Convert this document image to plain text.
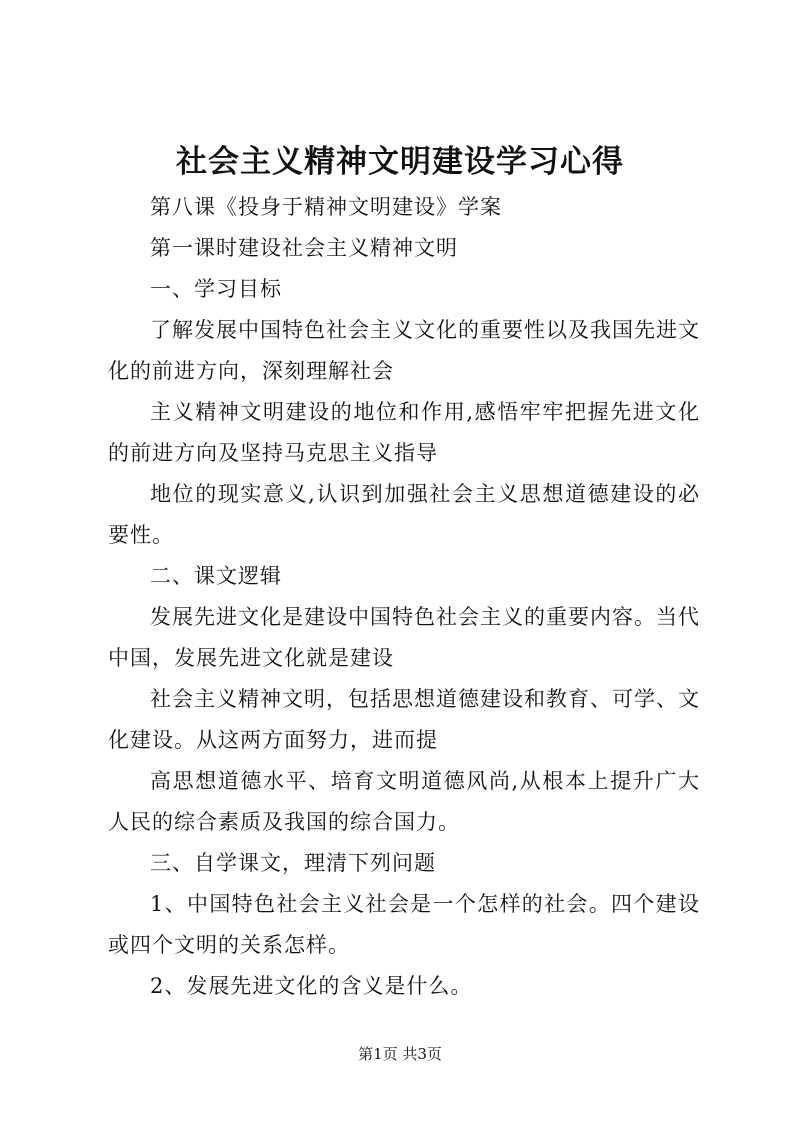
社会主义精神文明建设学习心得

第八课《投身于精神文明建设》学案

第一课时建设社会主义精神文明

一、学习目标

了解发展中国特色社会主义文化的重要性以及我国先进文化的前进方向，深刻理解社会

主义精神文明建设的地位和作用,感悟牢牢把握先进文化的前进方向及坚持马克思主义指导

地位的现实意义,认识到加强社会主义思想道德建设的必要性。

二、课文逻辑

发展先进文化是建设中国特色社会主义的重要内容。当代中国，发展先进文化就是建设

社会主义精神文明，包括思想道德建设和教育、可学、文化建设。从这两方面努力，进而提

高思想道德水平、培育文明道德风尚,从根本上提升广大人民的综合素质及我国的综合国力。

三、自学课文，理清下列问题

1、中国特色社会主义社会是一个怎样的社会。四个建设或四个文明的关系怎样。

2、发展先进文化的含义是什么。

第1页 共3页
